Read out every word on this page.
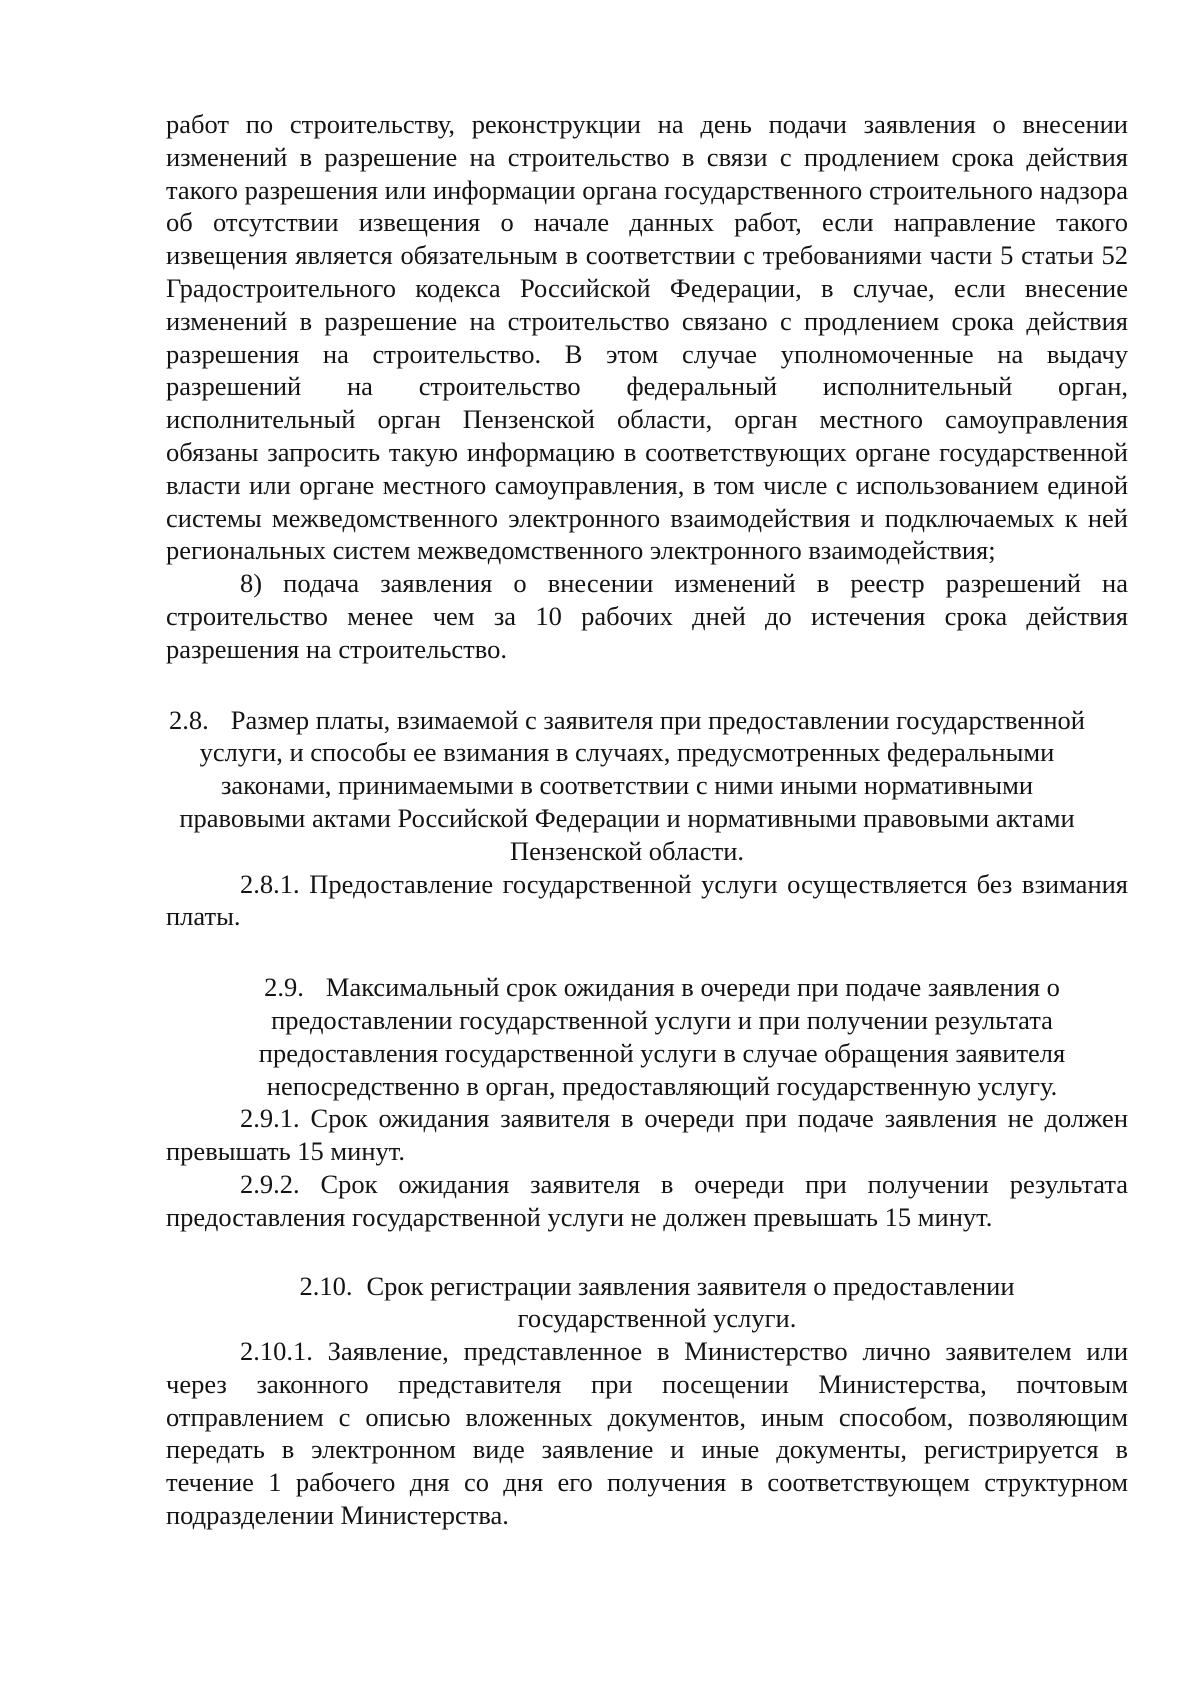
работ по строительству, реконструкции на день подачи заявления о внесении изменений в разрешение на строительство в связи с продлением срока действия такого разрешения или информации органа государственного строительного надзора об отсутствии извещения о начале данных работ, если направление такого извещения является обязательным в соответствии с требованиями части 5 статьи 52 Градостроительного кодекса Российской Федерации, в случае, если внесение изменений в разрешение на строительство связано с продлением срока действия разрешения на строительство. В этом случае уполномоченные на выдачу разрешений на строительство федеральный исполнительный орган, исполнительный орган Пензенской области, орган местного самоуправления обязаны запросить такую информацию в соответствующих органе государственной власти или органе местного самоуправления, в том числе с использованием единой системы межведомственного электронного взаимодействия и подключаемых к ней региональных систем межведомственного электронного взаимодействия;

8) подача заявления о внесении изменений в реестр разрешений на строительство менее чем за 10 рабочих дней до истечения срока действия разрешения на строительство.

2.8. Размер платы, взимаемой с заявителя при предоставлении государственной услуги, и способы ее взимания в случаях, предусмотренных федеральными законами, принимаемыми в соответствии с ними иными нормативными правовыми актами Российской Федерации и нормативными правовыми актами Пензенской области.

2.8.1. Предоставление государственной услуги осуществляется без взимания платы.

2.9. Максимальный срок ожидания в очереди при подаче заявления о предоставлении государственной услуги и при получении результата предоставления государственной услуги в случае обращения заявителя непосредственно в орган, предоставляющий государственную услугу.

2.9.1. Срок ожидания заявителя в очереди при подаче заявления не должен превышать 15 минут.

2.9.2. Срок ожидания заявителя в очереди при получении результата предоставления государственной услуги не должен превышать 15 минут.

2.10. Срок регистрации заявления заявителя о предоставлении государственной услуги.

2.10.1. Заявление, представленное в Министерство лично заявителем или через законного представителя при посещении Министерства, почтовым отправлением с описью вложенных документов, иным способом, позволяющим передать в электронном виде заявление и иные документы, регистрируется в течение 1 рабочего дня со дня его получения в соответствующем структурном подразделении Министерства.
